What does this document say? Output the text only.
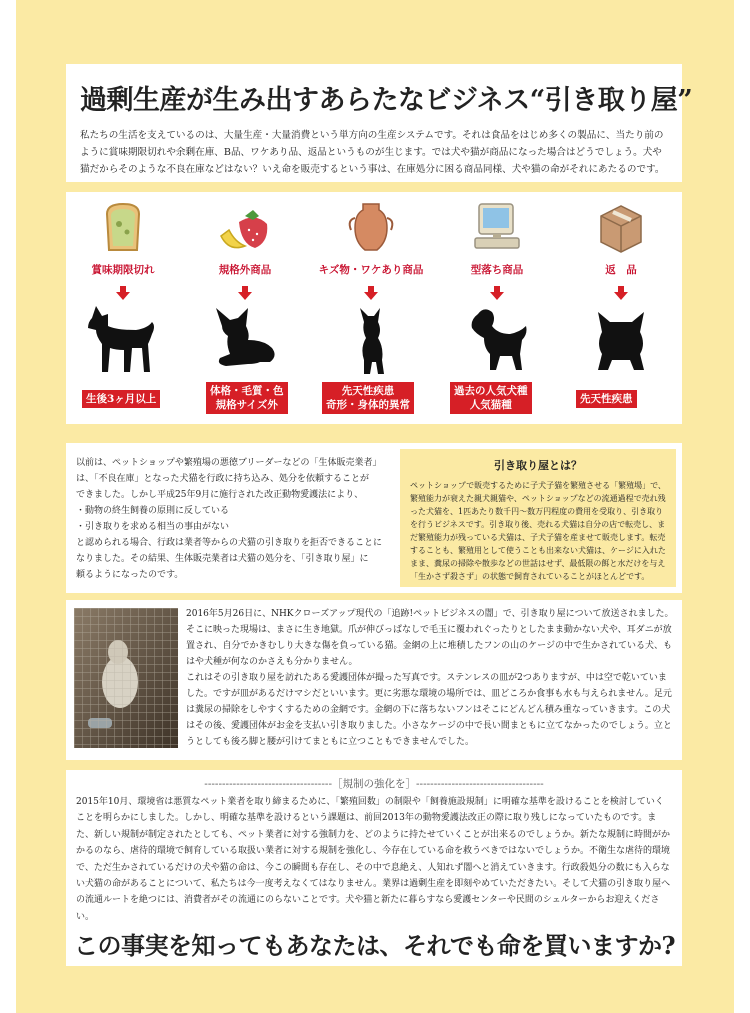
過剰生産が生み出すあらたなビジネス“引き取り屋”

私たちの生活を支えているのは、大量生産・大量消費という単方向の生産システムです。それは食品をはじめ多くの製品に、当たり前のように賞味期限切れや余剰在庫、B品、ワケあり品、返品というものが生じます。では犬や猫が商品になった場合はどうでしょう。犬や猫だからそのような不良在庫などはない？いえ命を販売するという事は、在庫処分に困る商品同様、犬や猫の命がそれにあたるのです。

賞味期限切れ
生後3ヶ月以上
規格外商品
体格・毛質・色
規格サイズ外
キズ物・ワケあり商品
先天性疾患
奇形・身体的異常
型落ち商品
過去の人気犬種
人気猫種
返　品
先天性疾患

以前は、ペットショップや繁殖場の悪徳ブリーダーなどの「生体販売業者」

は、「不良在庫」となった犬猫を行政に持ち込み、処分を依頼することが

できました。しかし平成25年9月に施行された改正動物愛護法により、

・動物の終生飼養の原則に反している

・引き取りを求める相当の事由がない

と認められる場合、行政は業者等からの犬猫の引き取りを拒否できることに

なりました。その結果、生体販売業者は犬猫の処分を、「引き取り屋」に

頼るようになったのです。

引き取り屋とは？

ペットショップで販売するために子犬子猫を繁殖させる「繁殖場」で、繁殖能力が衰えた親犬親猫や、ペットショップなどの流通過程で売れ残った犬猫を、1匹あたり数千円〜数万円程度の費用を受取り、引き取りを行うビジネスです。引き取り後、売れる犬猫は自分の店で転売し、まだ繁殖能力が残っている犬猫は、子犬子猫を産ませて販売します。転売することも、繁殖用として使うことも出来ない犬猫は、ケージに入れたまま、糞尿の掃除や散歩などの世話はせず、最低限の餌と水だけを与え「生かさず殺さず」の状態で飼育されていることがほとんどです。

2016年5月26日に、NHKクローズアップ現代の「追跡!ペットビジネスの闇」で、引き取り屋について放送されました。そこに映った現場は、まさに生き地獄。爪が伸びっぱなしで毛玉に覆われぐったりとしたまま動かない犬や、耳ダニが放置され、自分でかきむしり大きな傷を負っている猫。金網の上に堆積したフンの山のケージの中で生かされている犬、もはや犬種が何なのかさえも分かりません。

これはその引き取り屋を訪れたある愛護団体が撮った写真です。ステンレスの皿が2つありますが、中は空で乾いていました。ですが皿があるだけマシだといいます。更に劣悪な環境の場所では、皿どころか食事も水も与えられません。足元は糞尿の掃除をしやすくするための金網です。金網の下に落ちないフンはそこにどんどん積み重なっていきます。この犬はその後、愛護団体がお金を支払い引き取りました。小さなケージの中で長い間まともに立てなかったのでしょう。立とうとしても後ろ脚と腰が引けてまともに立つこともできませんでした。

------------------------------------［規制の強化を］------------------------------------

2015年10月、環境省は悪質なペット業者を取り締まるために、「繁殖回数」の制限や「飼養施設規制」に明確な基準を設けることを検討していくことを明らかにしました。しかし、明確な基準を設けるという課題は、前回2013年の動物愛護法改正の際に取り残しになっていたものです。また、新しい規制が制定されたとしても、ペット業者に対する強制力を、どのように持たせていくことが出来るのでしょうか。新たな規制に時間がかかるのなら、虐待的環境で飼育している取扱い業者に対する規制を強化し、今存在している命を救うべきではないでしょうか。不衛生な虐待的環境で、ただ生かされているだけの犬や猫の命は、今この瞬間も存在し、その中で息絶え、人知れず闇へと消えていきます。行政殺処分の数にも入らない犬猫の命があることについて、私たちは今一度考えなくてはなりません。業界は過剰生産を即刻やめていただきたい。そして犬猫の引き取り屋への流通ルートを絶つには、消費者がその流通にのらないことです。犬や猫と新たに暮らすなら愛護センターや民間のシェルターからお迎えください。

この事実を知ってもあなたは、それでも命を買いますか?
